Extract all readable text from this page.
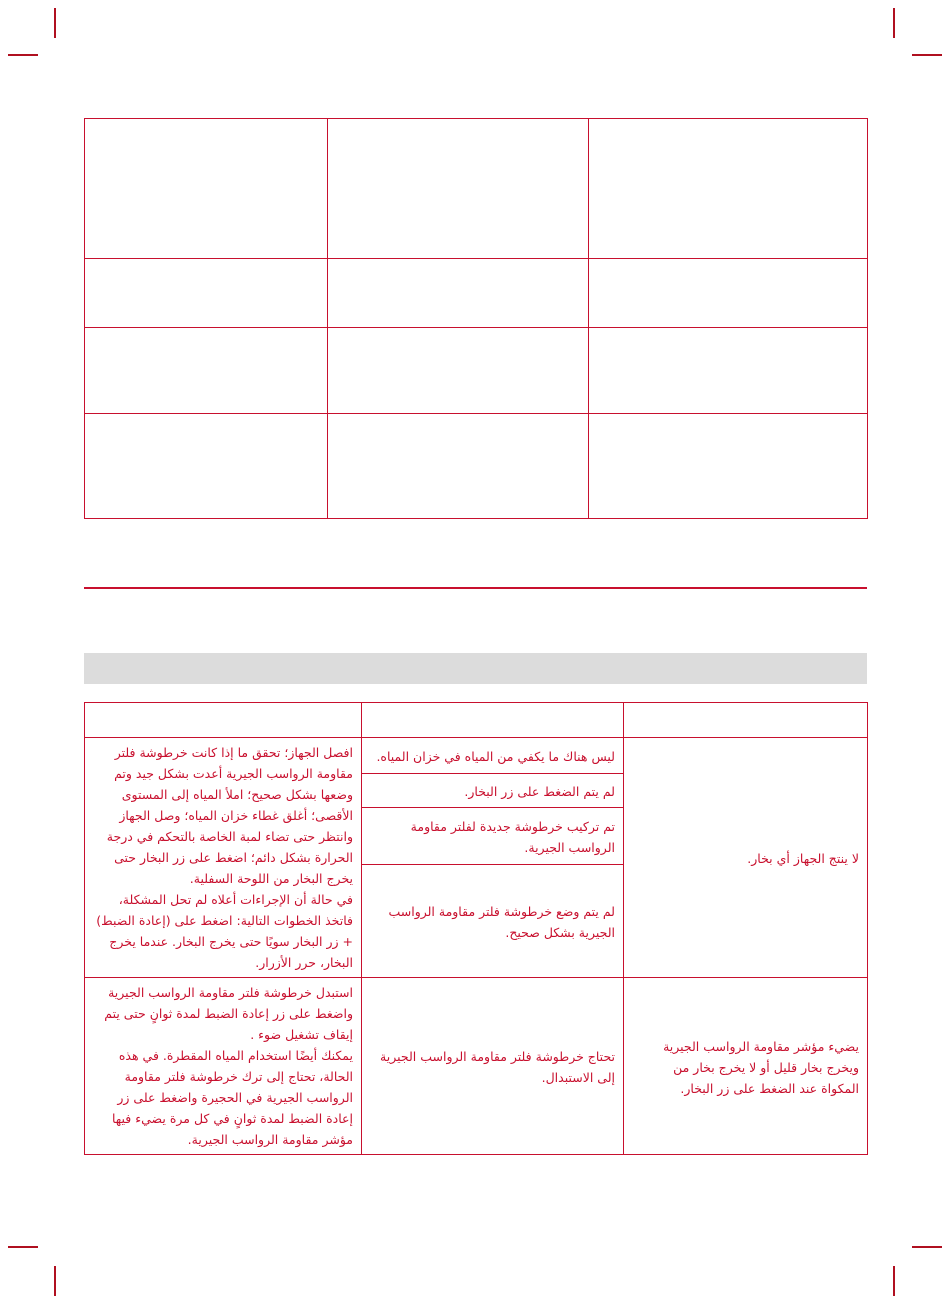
لا ينتج الجهاز أي بخار.	ليس هناك ما يكفي من المياه في خزان المياه.	افصل الجهاز؛ تحقق ما إذا كانت خرطوشة فلتر مقاومة الرواسب الجيرية أعدت بشكل جيد وتم وضعها بشكل صحيح؛ املأ المياه إلى المستوى الأقصى؛ أغلق غطاء خزان المياه؛ وصل الجهاز وانتظر حتى تضاء لمبة الخاصة بالتحكم في درجة الحرارة بشكل دائم؛ اضغط على زر البخار حتى يخرج البخار من اللوحة السفلية.

في حالة أن الإجراءات أعلاه لم تحل المشكلة، فاتخذ الخطوات التالية: اضغط على (إعادة الضبط) + زر البخار سويًا حتى يخرج البخار. عندما يخرج البخار، حرر الأزرار.

	لم يتم الضغط على زر البخار.	
	تم تركيب خرطوشة جديدة لفلتر مقاومة الرواسب الجيرية.	
	لم يتم وضع خرطوشة فلتر مقاومة الرواسب الجيرية بشكل صحيح.	
يضيء مؤشر مقاومة الرواسب الجيرية ويخرج بخار قليل أو لا يخرج بخار من المكواة عند الضغط على زر البخار.	تحتاج خرطوشة فلتر مقاومة الرواسب الجيرية إلى الاستبدال.	استبدل خرطوشة فلتر مقاومة الرواسب الجيرية واضغط على زر إعادة الضبط لمدة ثوانٍ حتى يتم إيقاف تشغيل ضوء .

يمكنك أيضًا استخدام المياه المقطرة. في هذه الحالة، تحتاج إلى ترك خرطوشة فلتر مقاومة الرواسب الجيرية في الحجيرة واضغط على زر إعادة الضبط لمدة ثوانٍ في كل مرة يضيء فيها مؤشر مقاومة الرواسب الجيرية.
